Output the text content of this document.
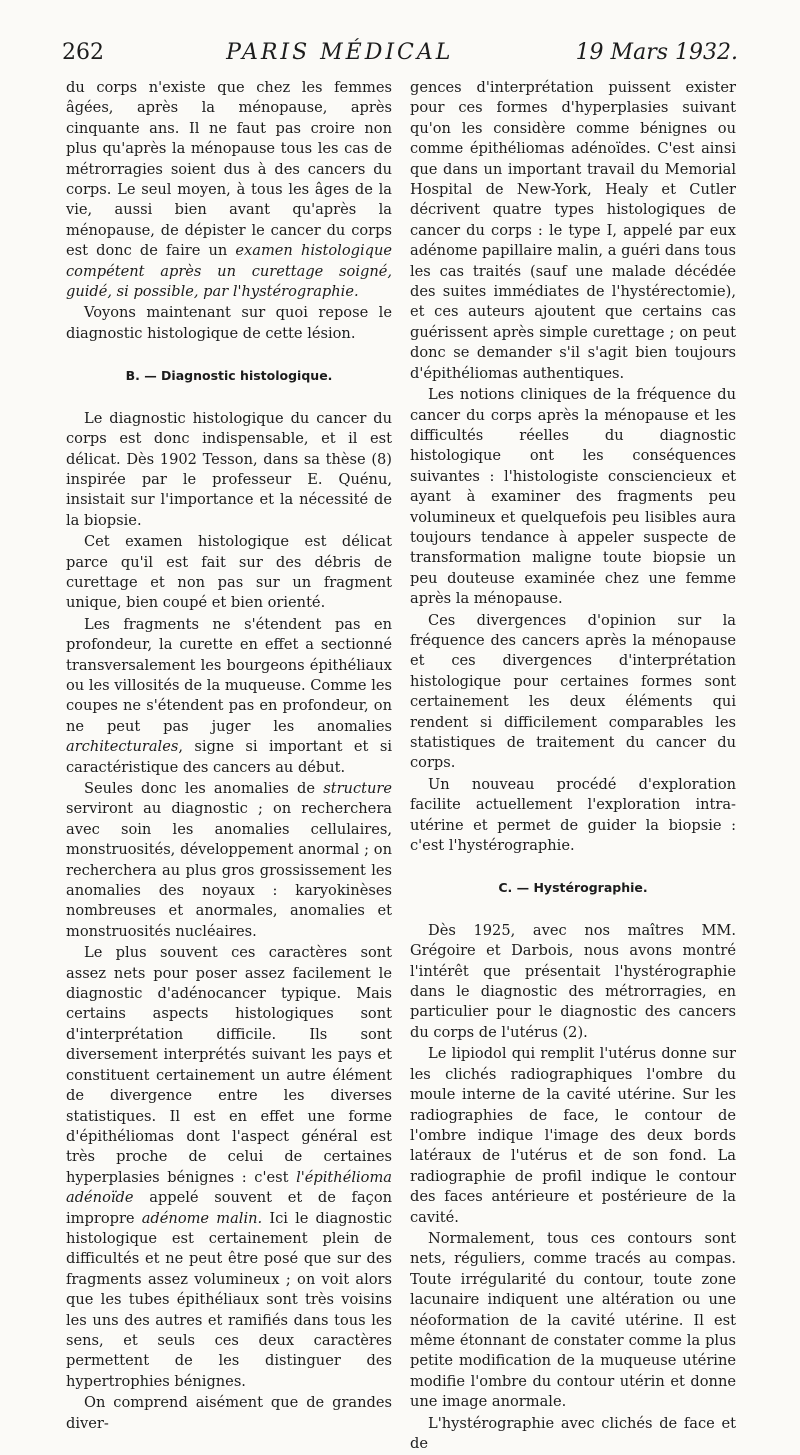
262	PARIS MÉDICAL	19 Mars 1932.

du corps n'existe que chez les femmes âgées, après la ménopause, après cinquante ans. Il ne faut pas croire non plus qu'après la ménopause tous les cas de métrorragies soient dus à des cancers du corps. Le seul moyen, à tous les âges de la vie, aussi bien avant qu'après la ménopause, de dépister le cancer du corps est donc de faire un examen histologique compétent après un curettage soigné, guidé, si possible, par l'hystérographie.

Voyons maintenant sur quoi repose le diagnostic histologique de cette lésion.

B. — Diagnostic histologique.

Le diagnostic histologique du cancer du corps est donc indispensable, et il est délicat. Dès 1902 Tesson, dans sa thèse (8) inspirée par le professeur E. Quénu, insistait sur l'importance et la nécessité de la biopsie.

Cet examen histologique est délicat parce qu'il est fait sur des débris de curettage et non pas sur un fragment unique, bien coupé et bien orienté.

Les fragments ne s'étendent pas en profondeur, la curette en effet a sectionné transversalement les bourgeons épithéliaux ou les villosités de la muqueuse. Comme les coupes ne s'étendent pas en profondeur, on ne peut pas juger les anomalies architecturales, signe si important et si caractéristique des cancers au début.

Seules donc les anomalies de structure serviront au diagnostic ; on recherchera avec soin les anomalies cellulaires, monstruosités, développement anormal ; on recherchera au plus gros grossissement les anomalies des noyaux : karyokinèses nombreuses et anormales, anomalies et monstruosités nucléaires.

Le plus souvent ces caractères sont assez nets pour poser assez facilement le diagnostic d'adénocancer typique. Mais certains aspects histologiques sont d'interprétation difficile. Ils sont diversement interprétés suivant les pays et constituent certainement un autre élément de divergence entre les diverses statistiques. Il est en effet une forme d'épithéliomas dont l'aspect général est très proche de celui de certaines hyperplasies bénignes : c'est l'épithélioma adénoïde appelé souvent et de façon impropre adénome malin. Ici le diagnostic histologique est certainement plein de difficultés et ne peut être posé que sur des fragments assez volumineux ; on voit alors que les tubes épithéliaux sont très voisins les uns des autres et ramifiés dans tous les sens, et seuls ces deux caractères permettent de les distinguer des hypertrophies bénignes.

On comprend aisément que de grandes diver-

gences d'interprétation puissent exister pour ces formes d'hyperplasies suivant qu'on les considère comme bénignes ou comme épithéliomas adénoïdes. C'est ainsi que dans un important travail du Memorial Hospital de New-York, Healy et Cutler décrivent quatre types histologiques de cancer du corps : le type I, appelé par eux adénome papillaire malin, a guéri dans tous les cas traités (sauf une malade décédée des suites immédiates de l'hystérectomie), et ces auteurs ajoutent que certains cas guérissent après simple curettage ; on peut donc se demander s'il s'agit bien toujours d'épithéliomas authentiques.

Les notions cliniques de la fréquence du cancer du corps après la ménopause et les difficultés réelles du diagnostic histologique ont les conséquences suivantes : l'histologiste consciencieux et ayant à examiner des fragments peu volumineux et quelquefois peu lisibles aura toujours tendance à appeler suspecte de transformation maligne toute biopsie un peu douteuse examinée chez une femme après la ménopause.

Ces divergences d'opinion sur la fréquence des cancers après la ménopause et ces divergences d'interprétation histologique pour certaines formes sont certainement les deux éléments qui rendent si difficilement comparables les statistiques de traitement du cancer du corps.

Un nouveau procédé d'exploration facilite actuellement l'exploration intra-utérine et permet de guider la biopsie : c'est l'hystérographie.

C. — Hystérographie.

Dès 1925, avec nos maîtres MM. Grégoire et Darbois, nous avons montré l'intérêt que présentait l'hystérographie dans le diagnostic des métrorragies, en particulier pour le diagnostic des cancers du corps de l'utérus (2).

Le lipiodol qui remplit l'utérus donne sur les clichés radiographiques l'ombre du moule interne de la cavité utérine. Sur les radiographies de face, le contour de l'ombre indique l'image des deux bords latéraux de l'utérus et de son fond. La radiographie de profil indique le contour des faces antérieure et postérieure de la cavité.

Normalement, tous ces contours sont nets, réguliers, comme tracés au compas. Toute irrégularité du contour, toute zone lacunaire indiquent une altération ou une néoformation de la cavité utérine. Il est même étonnant de constater comme la plus petite modification de la muqueuse utérine modifie l'ombre du contour utérin et donne une image anormale.

L'hystérographie avec clichés de face et de
